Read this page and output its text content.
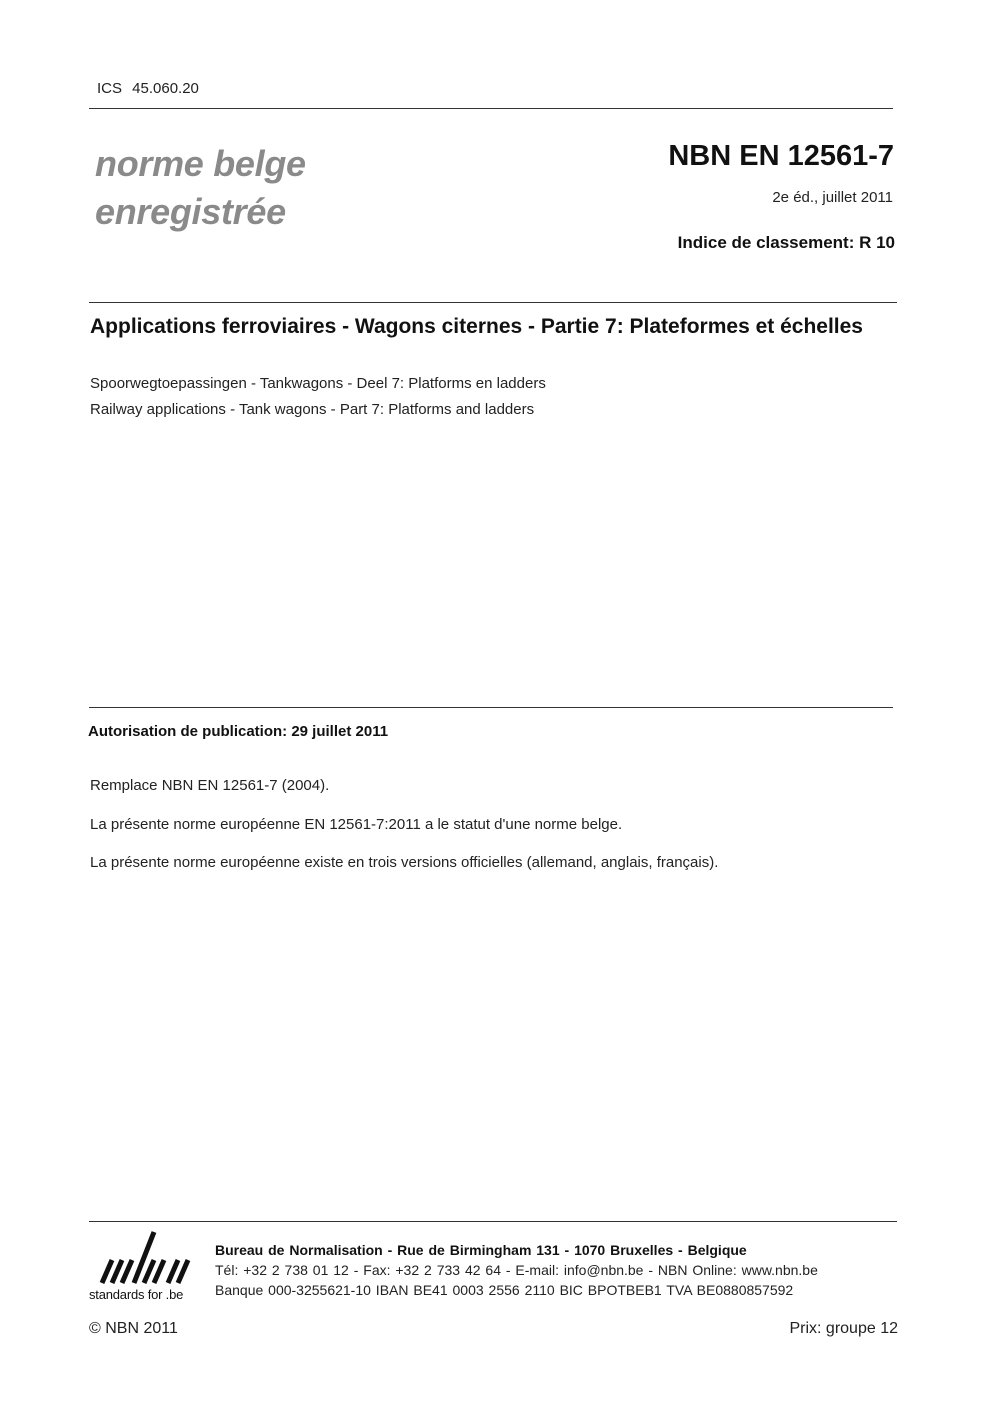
ICS 45.060.20
norme belge
enregistrée
NBN EN 12561-7
2e éd., juillet 2011
Indice de classement: R 10
Applications ferroviaires - Wagons citernes - Partie 7: Plateformes et échelles
Spoorwegtoepassingen - Tankwagons - Deel 7: Platforms en ladders
Railway applications - Tank wagons - Part 7: Platforms and ladders
Autorisation de publication: 29 juillet 2011
Remplace NBN EN 12561-7 (2004).
La présente norme européenne EN 12561-7:2011 a le statut d'une norme belge.
La présente norme européenne existe en trois versions officielles (allemand, anglais, français).
standards for .be
Bureau de Normalisation - Rue de Birmingham 131 - 1070 Bruxelles - Belgique
Tél: +32 2 738 01 12 - Fax: +32 2 733 42 64 - E-mail: info@nbn.be - NBN Online: www.nbn.be
Banque 000-3255621-10 IBAN BE41 0003 2556 2110 BIC BPOTBEB1 TVA BE0880857592
© NBN 2011	Prix: groupe 12
